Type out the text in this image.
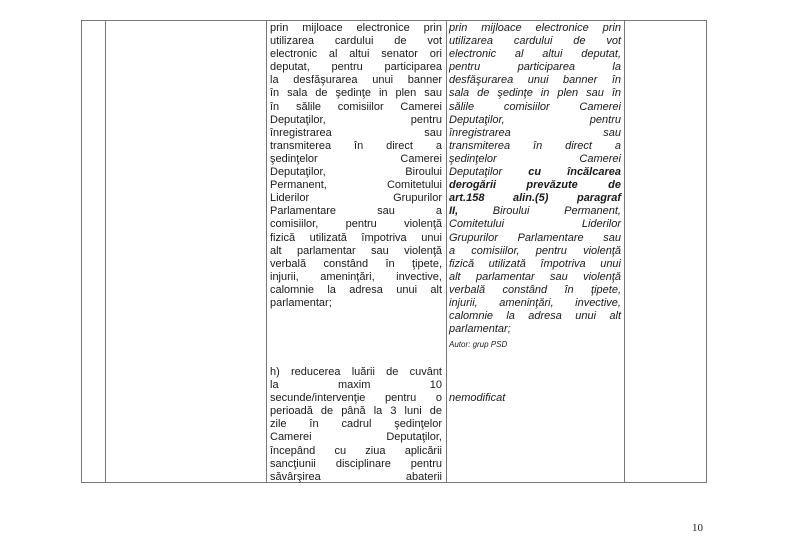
prin mijloace electronice prin
utilizarea cardului de vot
electronic al altui senator ori
deputat, pentru participarea
la desfăşurarea unui banner
în sala de şedinţe in plen sau
în sălile comisiilor Camerei
Deputaţilor, pentru
înregistrarea sau
transmiterea în direct a
şedinţelor Camerei
Deputaţilor, Biroului
Permanent, Comitetului
Liderilor Grupurilor
Parlamentare sau a
comisiilor, pentru violenţă
fizică utilizată împotriva unui
alt parlamentar sau violenţă
verbală constând în ţipete,
injurii, ameninţări, invective,
calomnie la adresa unui alt
parlamentar;
h) reducerea luării de cuvânt
la maxim 10
secunde/intervenţie pentru o
perioadă de până la 3 luni de
zile în cadrul şedinţelor
Camerei Deputaţilor,
începând cu ziua aplicării
sancţiunii disciplinare pentru
săvârşirea abaterii
prin mijloace electronice prin
utilizarea cardului de vot
electronic al altui deputat,
pentru participarea la
desfăşurarea unui banner în
sala de şedinţe in plen sau în
sălile comisiilor Camerei
Deputaţilor, pentru
înregistrarea sau
transmiterea în direct a
şedinţelor Camerei
Deputaţilor cu încălcarea
derogării prevăzute de
art.158 alin.(5) paragraf
II, Biroului Permanent,
Comitetului Liderilor
Grupurilor Parlamentare sau
a comisiilor, pentru violenţă
fizică utilizată împotriva unui
alt parlamentar sau violenţă
verbală constând în ţipete,
injurii, ameninţări, invective,
calomnie la adresa unui alt
parlamentar;
Autor: grup PSD
nemodificat
10
